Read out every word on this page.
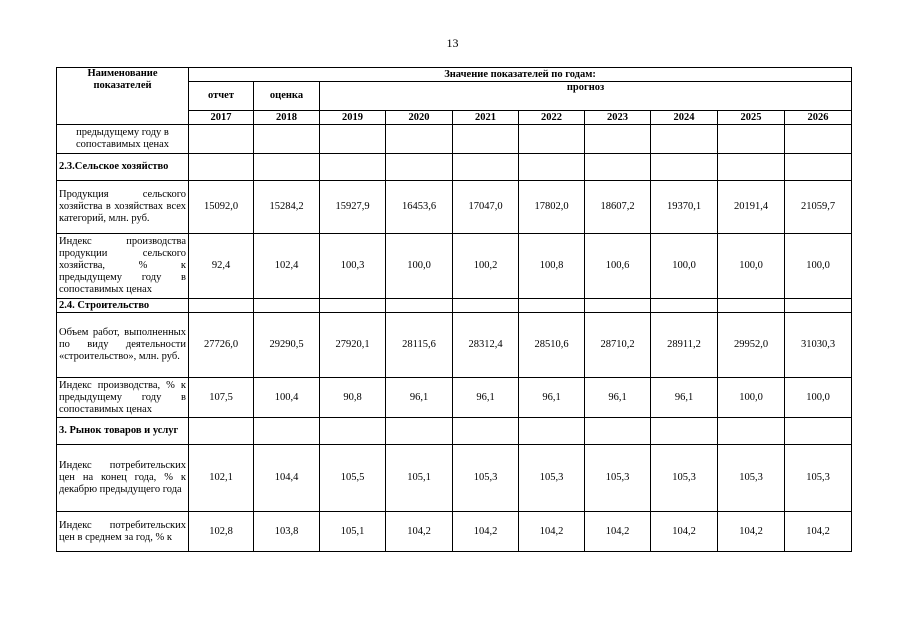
13
Наименование показателей	Значение показателей по годам:									
	отчет	оценка	прогноз							
	2017	2018	2019	2020	2021	2022	2023	2024	2025	2026
предыдущему году в сопоставимых ценах										
2.3.Сельское хозяйство										
Продукция сельского хозяйства в хозяйствах всех категорий, млн. руб.	15092,0	15284,2	15927,9	16453,6	17047,0	17802,0	18607,2	19370,1	20191,4	21059,7
Индекс производства продукции сельского хозяйства, % к предыдущему году в сопоставимых ценах	92,4	102,4	100,3	100,0	100,2	100,8	100,6	100,0	100,0	100,0
2.4. Строительство										
Объем работ, выполненных по виду деятельности «строительство», млн. руб.	27726,0	29290,5	27920,1	28115,6	28312,4	28510,6	28710,2	28911,2	29952,0	31030,3
Индекс производства, % к предыдущему году в сопоставимых ценах	107,5	100,4	90,8	96,1	96,1	96,1	96,1	96,1	100,0	100,0
3. Рынок товаров и услуг										
Индекс потребительских цен на конец года, % к декабрю предыдущего года	102,1	104,4	105,5	105,1	105,3	105,3	105,3	105,3	105,3	105,3
Индекс потребительских цен в среднем за год, % к	102,8	103,8	105,1	104,2	104,2	104,2	104,2	104,2	104,2	104,2
